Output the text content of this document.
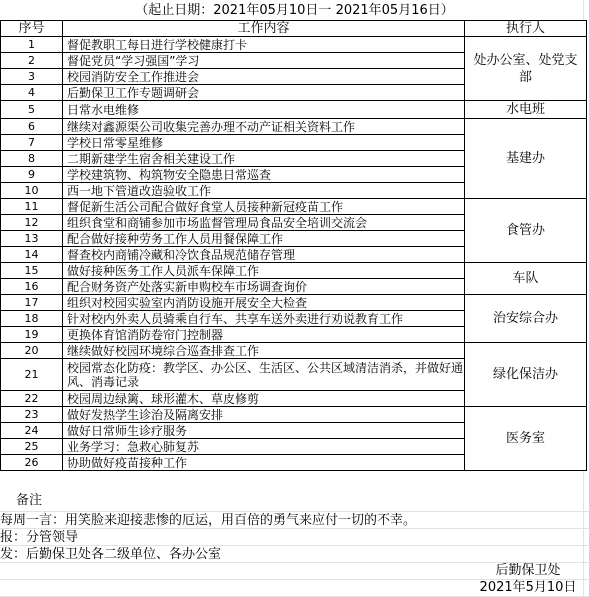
（起止日期：2021年05月10日一 2021年05月16日）
序号	工作内容	执行人
1	督促教职工每日进行学校健康打卡	处办公室、处党支部
2	督促党员“学习强国”学习	
3	校园消防安全工作推进会	
4	后勤保卫工作专题调研会	
5	日常水电维修	水电班
6	继续对鑫源渠公司收集完善办理不动产证相关资料工作	基建办
7	学校日常零星维修	
8	二期新建学生宿舍相关建设工作	
9	学校建筑物、构筑物安全隐患日常巡查	
10	西一地下管道改造验收工作	
11	督促新生活公司配合做好食堂人员接种新冠疫苗工作	食管办
12	组织食堂和商铺参加市场监督管理局食品安全培训交流会	
13	配合做好接种劳务工作人员用餐保障工作	
14	督查校内商铺冷藏和冷饮食品规范储存管理	
15	做好接种医务工作人员派车保障工作	车队
16	配合财务资产处落实新申购校车市场调查询价	
17	组织对校园实验室内消防设施开展安全大检查	治安综合办
18	针对校内外卖人员骑乘自行车、共享车送外卖进行劝说教育工作	
19	更换体育馆消防卷帘门控制器	
20	继续做好校园环境综合巡查排查工作	绿化保洁办
21	校园常态化防疫：教学区、办公区、生活区、公共区域清洁消杀，并做好通风、消毒记录	
22	校园周边绿篱、球形灌木、草皮修剪	
23	做好发热学生诊治及隔离安排	医务室
24	做好日常师生诊疗服务	
25	业务学习：急救心肺复苏	
26	协助做好疫苗接种工作	
备注
每周一言：用笑脸来迎接悲惨的厄运，用百倍的勇气来应付一切的不幸。
报：分管领导
发：后勤保卫处各二级单位、各办公室
后勤保卫处
2021年5月10日
